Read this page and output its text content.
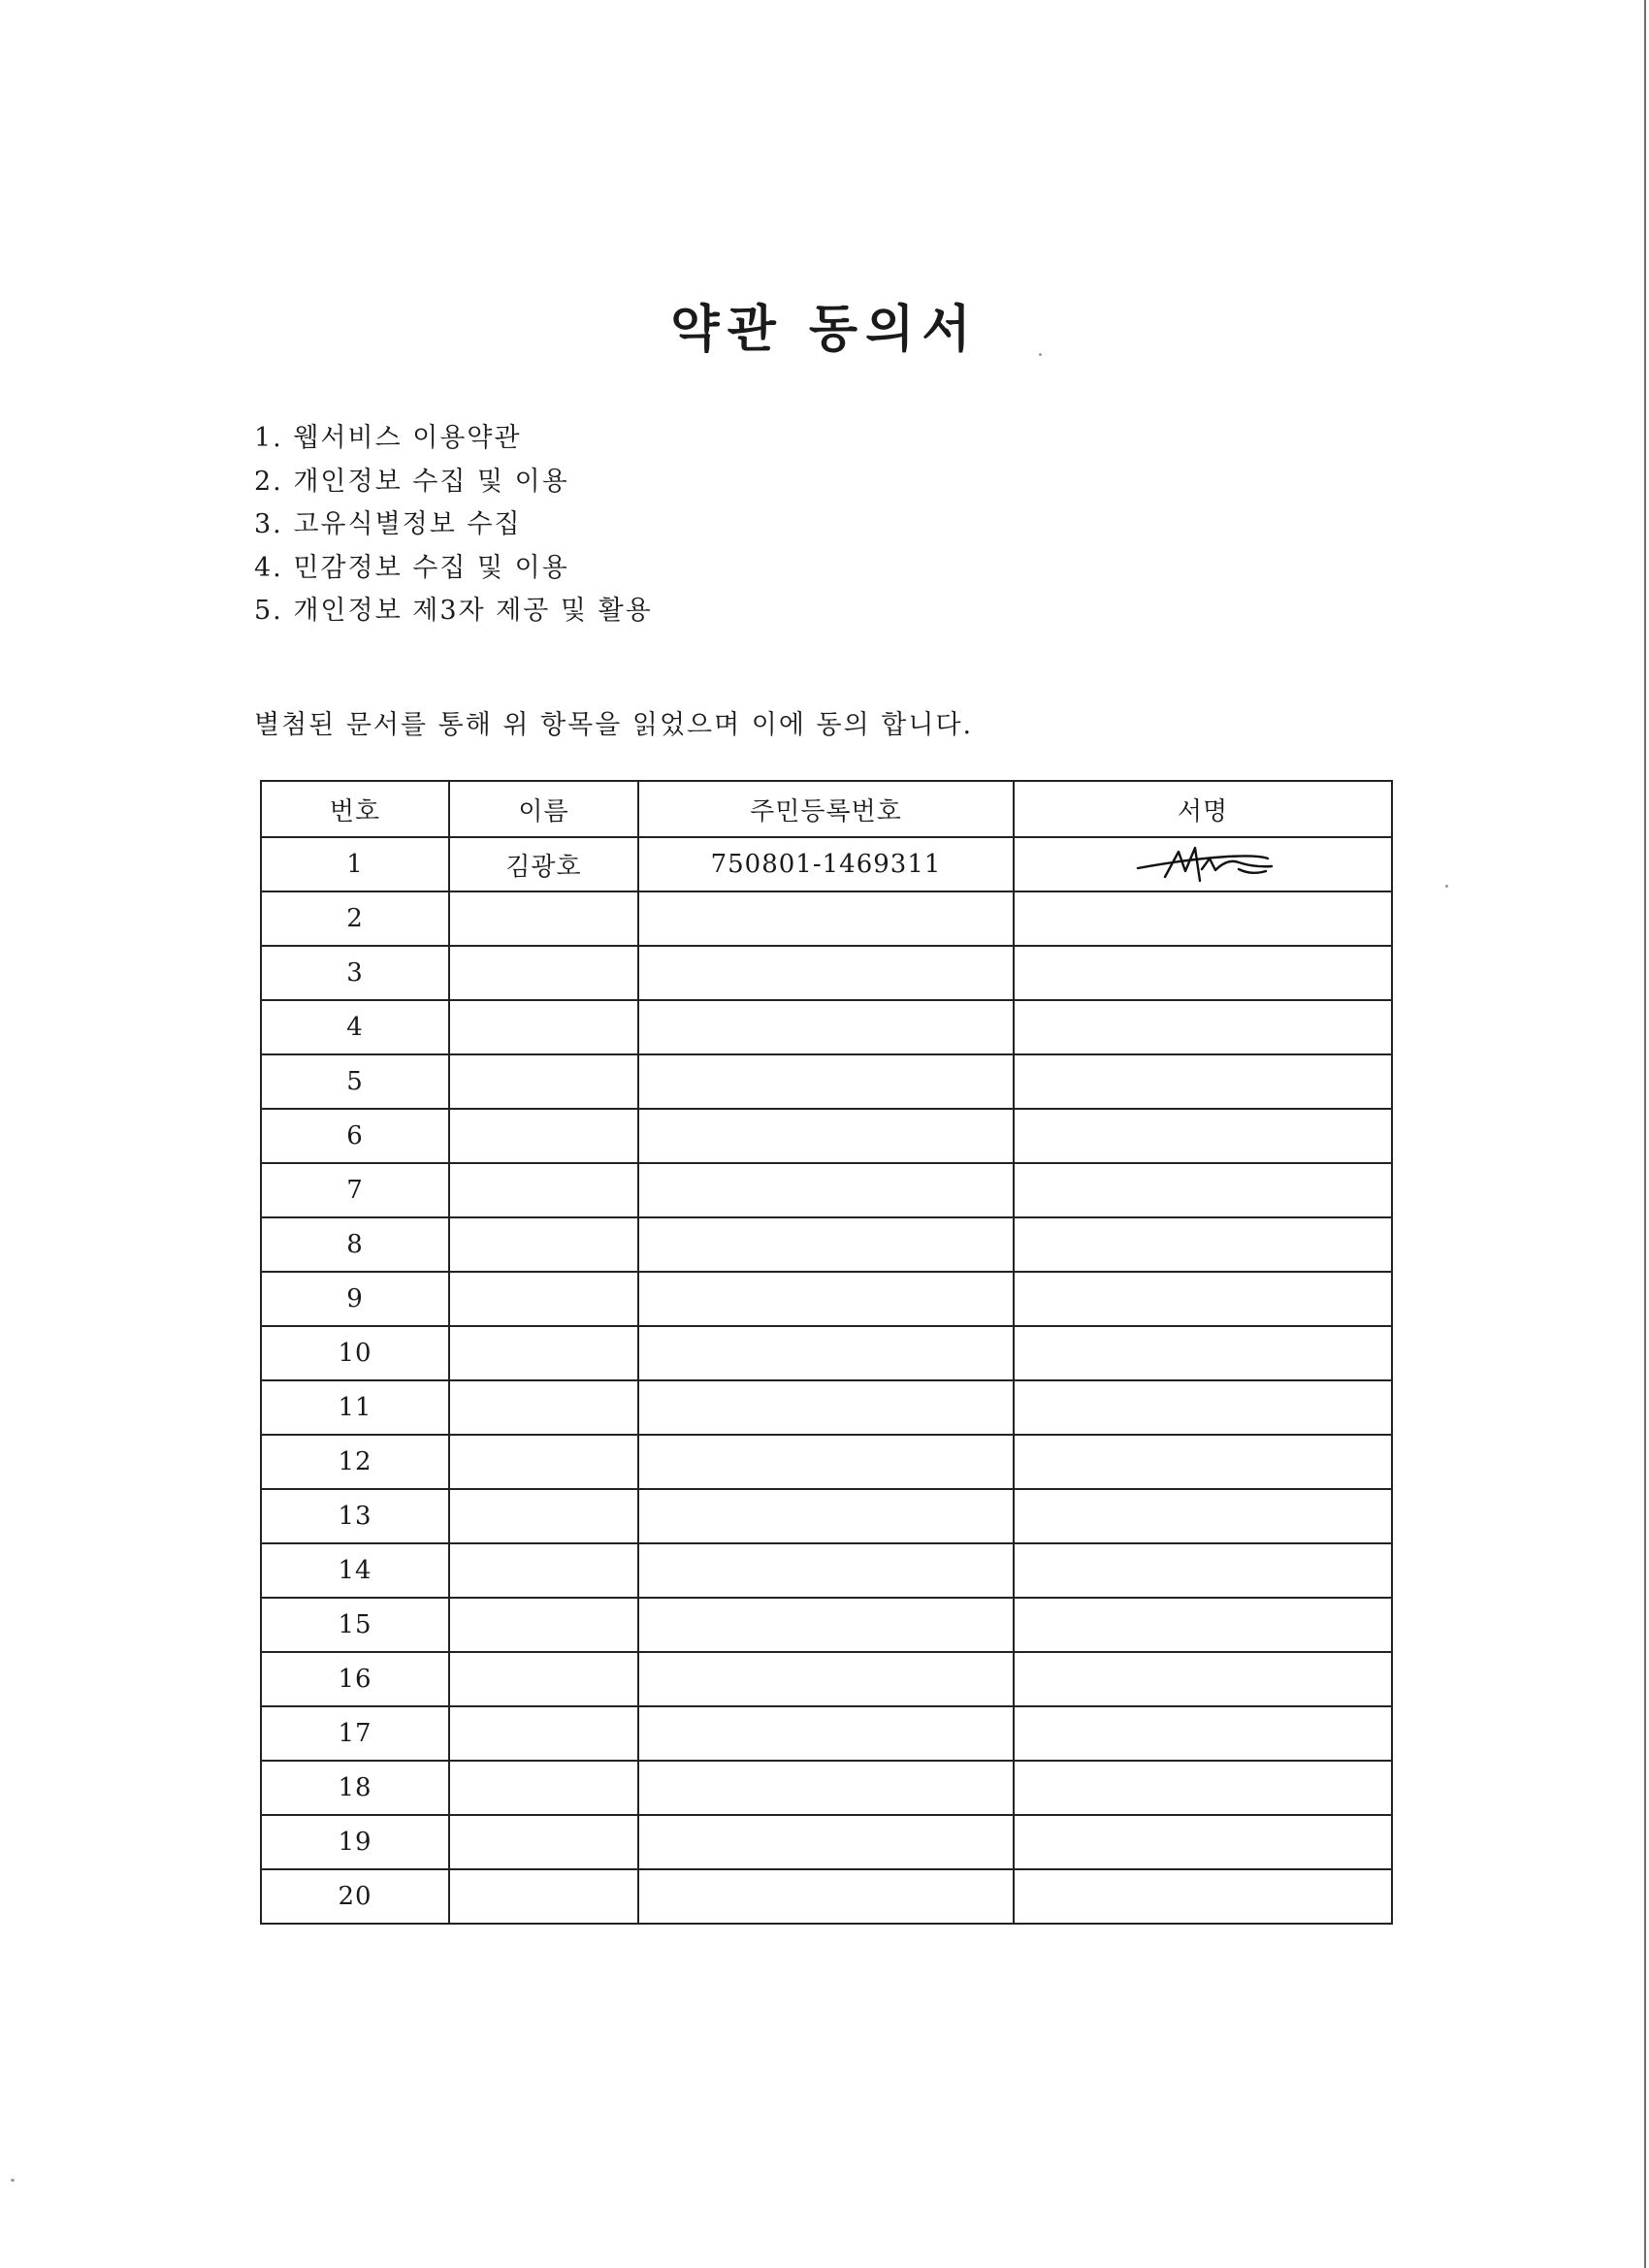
약관 동의서
1. 웹서비스 이용약관
2. 개인정보 수집 및 이용
3. 고유식별정보 수집
4. 민감정보 수집 및 이용
5. 개인정보 제3자 제공 및 활용

별첨된 문서를 통해 위 항목을 읽었으며 이에 동의 합니다.

번호	이름	주민등록번호	서명
1	김광호	750801-1469311	

2			
3			
4			
5			
6			
7			
8			
9			
10			
11			
12			
13			
14			
15			
16			
17			
18			
19			
20			
